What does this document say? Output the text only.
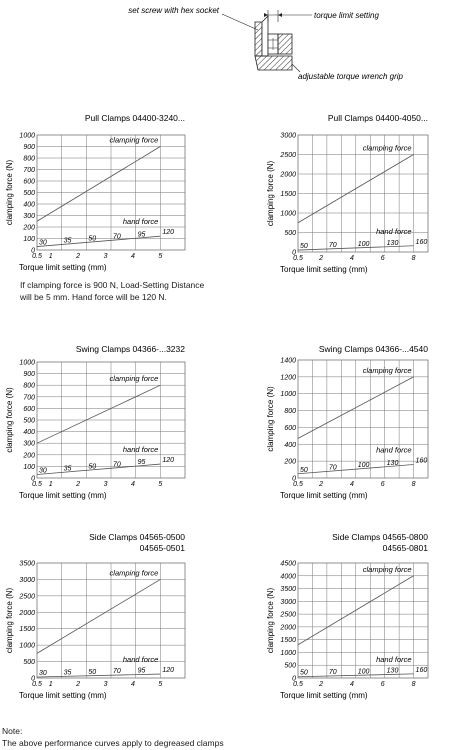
set screw with hex socket
torque limit setting
adjustable torque wrench grip
Pull Clamps 04400-3240...
0
100
200
300
400
500
600
700
800
900
1000
0.5 1	2	3	4	5
clamping force
hand force
30 35 50 70 95 120
Torque limit setting (mm)
clamping force (N)
Pull Clamps 04400-4050...
0
500
1000
1500
2000
2500
3000
0.5 2	4	6	8
clamping force
hand force
50	70	100 130 160
Torque limit setting (mm)
clamping force (N)
Swing Clamps 04366-...3232
0
100
200
300
400
500
600
700
800
900
1000
0.5 1	2	3	4	5
clamping force
hand force
30 35 50 70 95 120
Torque limit setting (mm)
clamping force (N)
Swing Clamps 04366-...4540
0
200
400
600
800
1000
1200
1400
0.5 2	4	6	8
clamping force
hand force
50	70	100 130 160
Torque limit setting (mm)
clamping force (N)
Side Clamps 04565-0500
04565-0501
0
500
1000
1500
2000
2500
3000
3500
0.5 1	2	3	4	5
clamping force
hand force
30 35 50 70 95 120
Torque limit setting (mm)
clamping force (N)
Side Clamps 04565-0800
04565-0801
0
500
1000
1500
2000
2500
3000
3500
4000
4500
0.5 2	4	6	8
clamping force
hand force
50	70	100 130 160
Torque limit setting (mm)
clamping force (N)
If clamping force is 900 N, Load-Setting Distance
will be 5 mm. Hand force will be 120 N.
Note:
The above performance curves apply to degreased clamps
